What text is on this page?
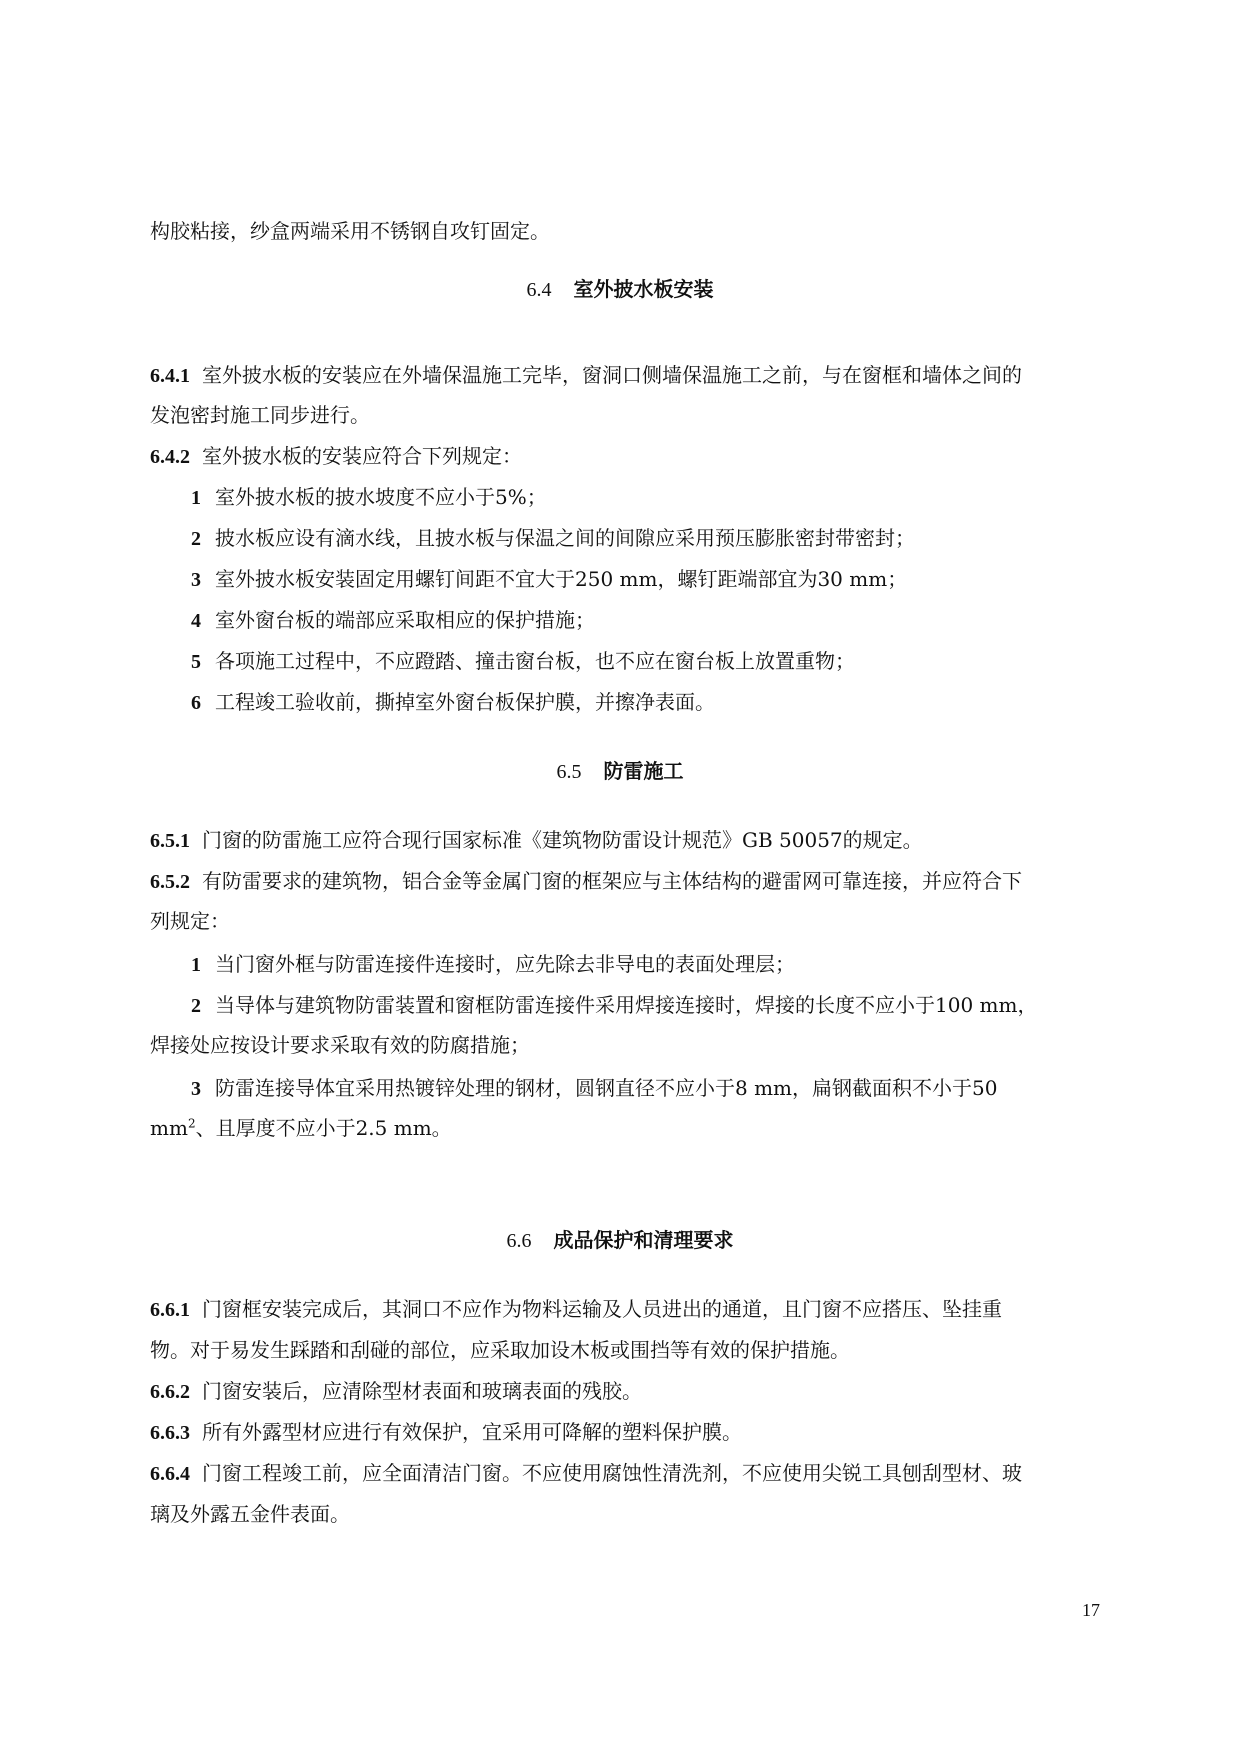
构胶粘接，纱盒两端采用不锈钢自攻钉固定。
6.4 室外披水板安装
6.4.1 室外披水板的安装应在外墙保温施工完毕，窗洞口侧墙保温施工之前，与在窗框和墙体之间的
发泡密封施工同步进行。
6.4.2 室外披水板的安装应符合下列规定：
1 室外披水板的披水坡度不应小于5%；
2 披水板应设有滴水线，且披水板与保温之间的间隙应采用预压膨胀密封带密封；
3 室外披水板安装固定用螺钉间距不宜大于250 mm，螺钉距端部宜为30 mm；
4 室外窗台板的端部应采取相应的保护措施；
5 各项施工过程中，不应蹬踏、撞击窗台板，也不应在窗台板上放置重物；
6 工程竣工验收前，撕掉室外窗台板保护膜，并擦净表面。
6.5 防雷施工
6.5.1 门窗的防雷施工应符合现行国家标准《建筑物防雷设计规范》GB 50057的规定。
6.5.2 有防雷要求的建筑物，铝合金等金属门窗的框架应与主体结构的避雷网可靠连接，并应符合下
列规定：
1 当门窗外框与防雷连接件连接时，应先除去非导电的表面处理层；
2 当导体与建筑物防雷装置和窗框防雷连接件采用焊接连接时，焊接的长度不应小于100 mm，
焊接处应按设计要求采取有效的防腐措施；
3 防雷连接导体宜采用热镀锌处理的钢材，圆钢直径不应小于8 mm，扁钢截面积不小于50
$mm^2$、且厚度不应小于2.5 mm。
6.6 成品保护和清理要求
6.6.1 门窗框安装完成后，其洞口不应作为物料运输及人员进出的通道，且门窗不应搭压、坠挂重
物。对于易发生踩踏和刮碰的部位，应采取加设木板或围挡等有效的保护措施。
6.6.2 门窗安装后，应清除型材表面和玻璃表面的残胶。
6.6.3 所有外露型材应进行有效保护，宜采用可降解的塑料保护膜。
6.6.4 门窗工程竣工前，应全面清洁门窗。不应使用腐蚀性清洗剂，不应使用尖锐工具刨刮型材、玻
璃及外露五金件表面。
17
